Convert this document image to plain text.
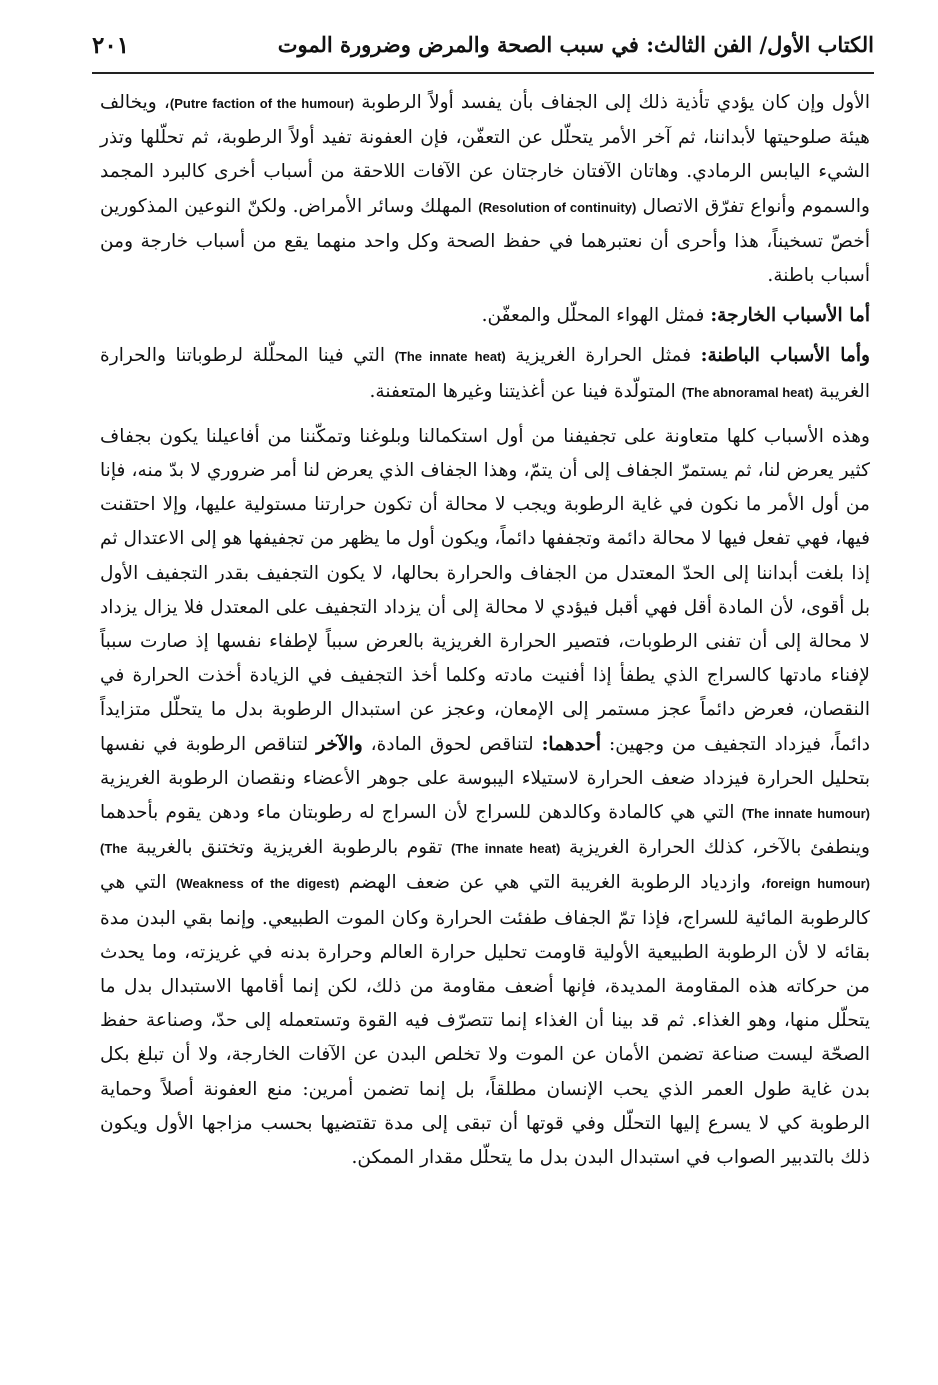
الكتاب الأول/ الفن الثالث: في سبب الصحة والمرض وضرورة الموت
٢٠١

الأول وإن كان يؤدي تأذية ذلك إلى الجفاف بأن يفسد أولاً الرطوبة (Putre faction of the humour)، ويخالف هيئة صلوحيتها لأبداننا، ثم آخر الأمر يتحلّل عن التعفّن، فإن العفونة تفيد أولاً الرطوبة، ثم تحلّلها وتذر الشيء اليابس الرمادي. وهاتان الآفتان خارجتان عن الآفات اللاحقة من أسباب أخرى كالبرد المجمد والسموم وأنواع تفرّق الاتصال (Resolution of continuity) المهلك وسائر الأمراض. ولكنّ النوعين المذكورين أخصّ تسخيناً، هذا وأحرى أن نعتبرهما في حفظ الصحة وكل واحد منهما يقع من أسباب خارجة ومن أسباب باطنة.

أما الأسباب الخارجة: فمثل الهواء المحلّل والمعفّن.

وأما الأسباب الباطنة: فمثل الحرارة الغريزية (The innate heat) التي فينا المحلّلة لرطوباتنا والحرارة الغريبة (The abnoramal heat) المتولّدة فينا عن أغذيتنا وغيرها المتعفنة.

وهذه الأسباب كلها متعاونة على تجفيفنا من أول استكمالنا وبلوغنا وتمكّننا من أفاعيلنا يكون بجفاف كثير يعرض لنا، ثم يستمرّ الجفاف إلى أن يتمّ، وهذا الجفاف الذي يعرض لنا أمر ضروري لا بدّ منه، فإنا من أول الأمر ما نكون في غاية الرطوبة ويجب لا محالة أن تكون حرارتنا مستولية عليها، وإلا احتقنت فيها، فهي تفعل فيها لا محالة دائمة وتجففها دائماً، ويكون أول ما يظهر من تجفيفها هو إلى الاعتدال ثم إذا بلغت أبداننا إلى الحدّ المعتدل من الجفاف والحرارة بحالها، لا يكون التجفيف بقدر التجفيف الأول بل أقوى، لأن المادة أقل فهي أقبل فيؤدي لا محالة إلى أن يزداد التجفيف على المعتدل فلا يزال يزداد لا محالة إلى أن تفنى الرطوبات، فتصير الحرارة الغريزية بالعرض سبباً لإطفاء نفسها إذ صارت سبباً لإفناء مادتها كالسراج الذي يطفأ إذا أفنيت مادته وكلما أخذ التجفيف في الزيادة أخذت الحرارة في النقصان، فعرض دائماً عجز مستمر إلى الإمعان، وعجز عن استبدال الرطوبة بدل ما يتحلّل متزايداً دائماً، فيزداد التجفيف من وجهين: أحدهما: لتناقص لحوق المادة، والآخر لتناقص الرطوبة في نفسها بتحليل الحرارة فيزداد ضعف الحرارة لاستيلاء اليبوسة على جوهر الأعضاء ونقصان الرطوبة الغريزية (The innate humour) التي هي كالمادة وكالدهن للسراج لأن السراج له رطوبتان ماء ودهن يقوم بأحدهما وينطفئ بالآخر، كذلك الحرارة الغريزية (The innate heat) تقوم بالرطوبة الغريزية وتختنق بالغريبة (The foreign humour)، وازدياد الرطوبة الغريبة التي هي عن ضعف الهضم (Weakness of the digest) التي هي كالرطوبة المائية للسراج، فإذا تمّ الجفاف طفئت الحرارة وكان الموت الطبيعي. وإنما بقي البدن مدة بقائه لا لأن الرطوبة الطبيعية الأولية قاومت تحليل حرارة العالم وحرارة بدنه في غريزته، وما يحدث من حركاته هذه المقاومة المديدة، فإنها أضعف مقاومة من ذلك، لكن إنما أقامها الاستبدال بدل ما يتحلّل منها، وهو الغذاء. ثم قد بينا أن الغذاء إنما تتصرّف فيه القوة وتستعمله إلى حدّ، وصناعة حفظ الصحّة ليست صناعة تضمن الأمان عن الموت ولا تخلص البدن عن الآفات الخارجة، ولا أن تبلغ بكل بدن غاية طول العمر الذي يحب الإنسان مطلقاً، بل إنما تضمن أمرين: منع العفونة أصلاً وحماية الرطوبة كي لا يسرع إليها التحلّل وفي قوتها أن تبقى إلى مدة تقتضيها بحسب مزاجها الأول ويكون ذلك بالتدبير الصواب في استبدال البدن بدل ما يتحلّل مقدار الممكن.
